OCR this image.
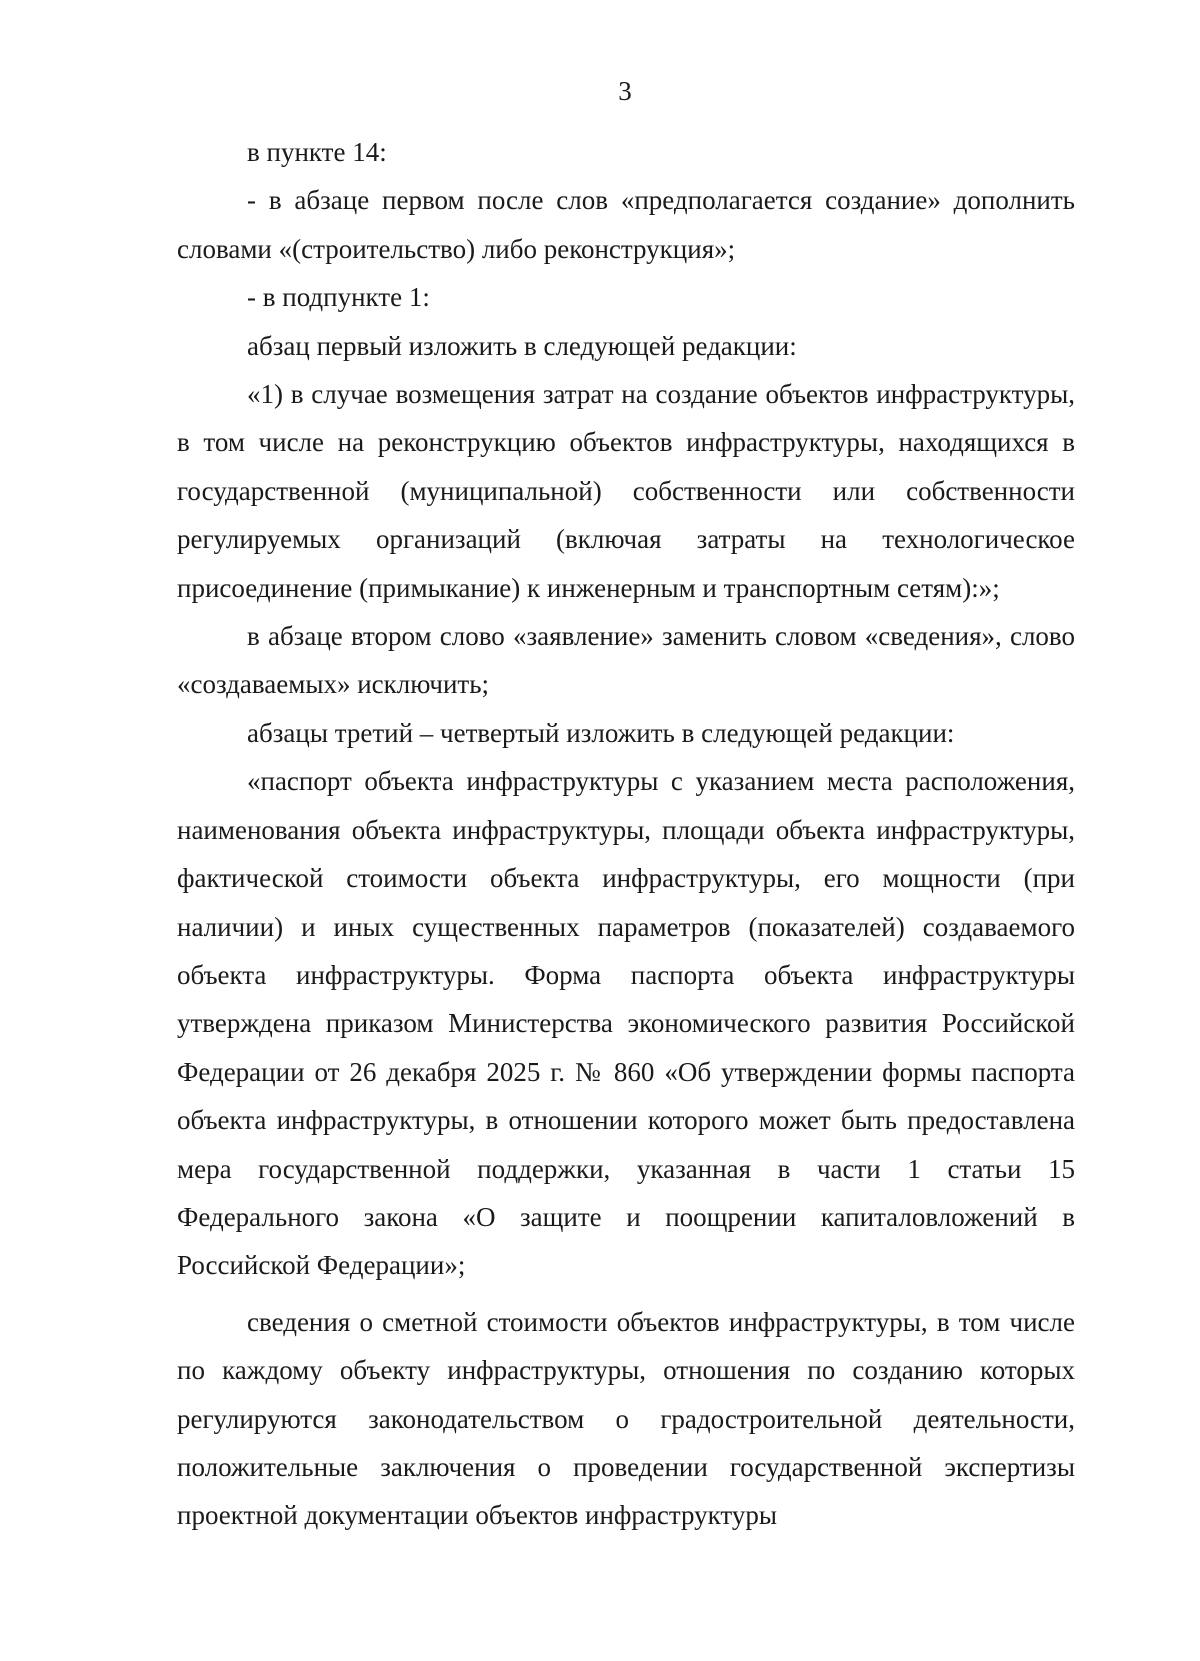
3

в пункте 14:

- в абзаце первом после слов «предполагается создание» дополнить словами «(строительство) либо реконструкция»;

- в подпункте 1:

абзац первый изложить в следующей редакции:

«1) в случае возмещения затрат на создание объектов инфраструктуры, в том числе на реконструкцию объектов инфраструктуры, находящихся в государственной (муниципальной) собственности или собственности регулируемых организаций (включая затраты на технологическое присоединение (примыкание) к инженерным и транспортным сетям):»;

в абзаце втором слово «заявление» заменить словом «сведения», слово «создаваемых» исключить;

абзацы третий – четвертый изложить в следующей редакции:

«паспорт объекта инфраструктуры с указанием места расположения, наименования объекта инфраструктуры, площади объекта инфраструктуры, фактической стоимости объекта инфраструктуры, его мощности (при наличии) и иных существенных параметров (показателей) создаваемого объекта инфраструктуры. Форма паспорта объекта инфраструктуры утверждена приказом Министерства экономического развития Российской Федерации от 26 декабря 2025 г. № 860 «Об утверждении формы паспорта объекта инфраструктуры, в отношении которого может быть предоставлена мера государственной поддержки, указанная в части 1 статьи 15 Федерального закона «О защите и поощрении капиталовложений в Российской Федерации»;

сведения о сметной стоимости объектов инфраструктуры, в том числе по каждому объекту инфраструктуры, отношения по созданию которых регулируются законодательством о градостроительной деятельности, положительные заключения о проведении государственной экспертизы проектной документации объектов инфраструктуры
